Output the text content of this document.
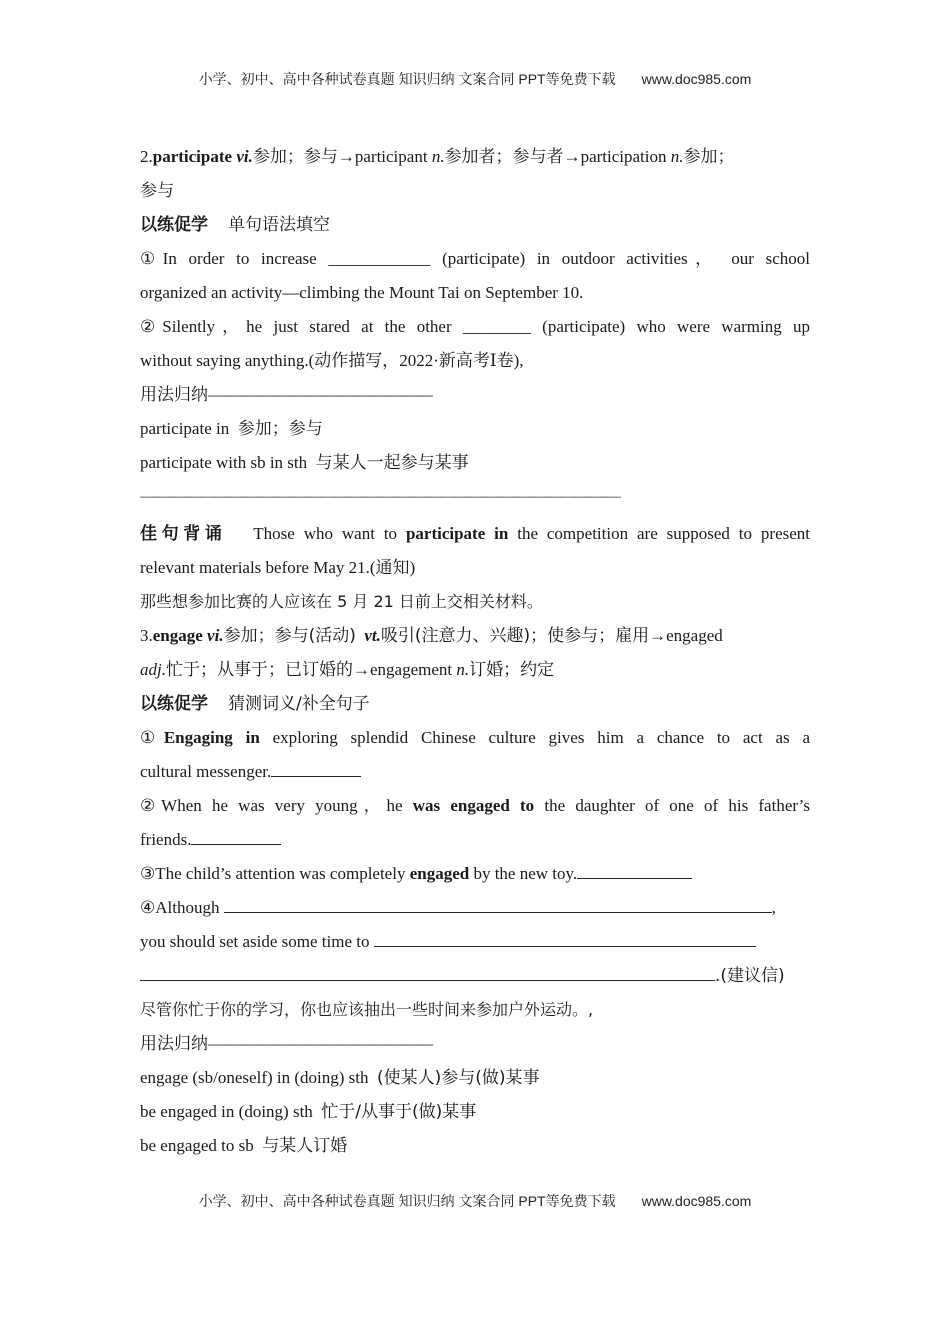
小学、初中、高中各种试卷真题 知识归纳 文案合同 PPT等免费下载 www.doc985.com
2.participate vi.参加；参与→participant n.参加者；参与者→participation n.参加；
参与
以练促学 单句语法填空
①In order to increase ____________ (participate) in outdoor activities， our school
organized an activity—climbing the Mount Tai on September 10.
②Silently，he just stared at the other ________ (participate) who were warming up
without saying anything.(动作描写，2022·新高考Ⅰ卷),
用法归纳——————————————
participate in 参加；参与
participate with sb in sth 与某人一起参与某事
————————————————————————————————
佳句背诵 Those who want to participate in the competition are supposed to present
relevant materials before May 21.(通知)
那些想参加比赛的人应该在 5 月 21 日前上交相关材料。
3.engage vi.参加；参与(活动) vt.吸引(注意力、兴趣)；使参与；雇用→engaged
adj.忙于；从事于；已订婚的→engagement n.订婚；约定
以练促学 猜测词义/补全句子
①Engaging in exploring splendid Chinese culture gives him a chance to act as a
cultural messenger.
②When he was very young，he was engaged to the daughter of one of his father’s
friends.
③The child’s attention was completely engaged by the new toy.
④Although	,
you should set aside some time to
.(建议信)
尽管你忙于你的学习，你也应该抽出一些时间来参加户外运动。,
用法归纳——————————————
engage (sb/oneself) in (doing) sth (使某人)参与(做)某事
be engaged in (doing) sth 忙于/从事于(做)某事
be engaged to sb 与某人订婚
小学、初中、高中各种试卷真题 知识归纳 文案合同 PPT等免费下载 www.doc985.com
